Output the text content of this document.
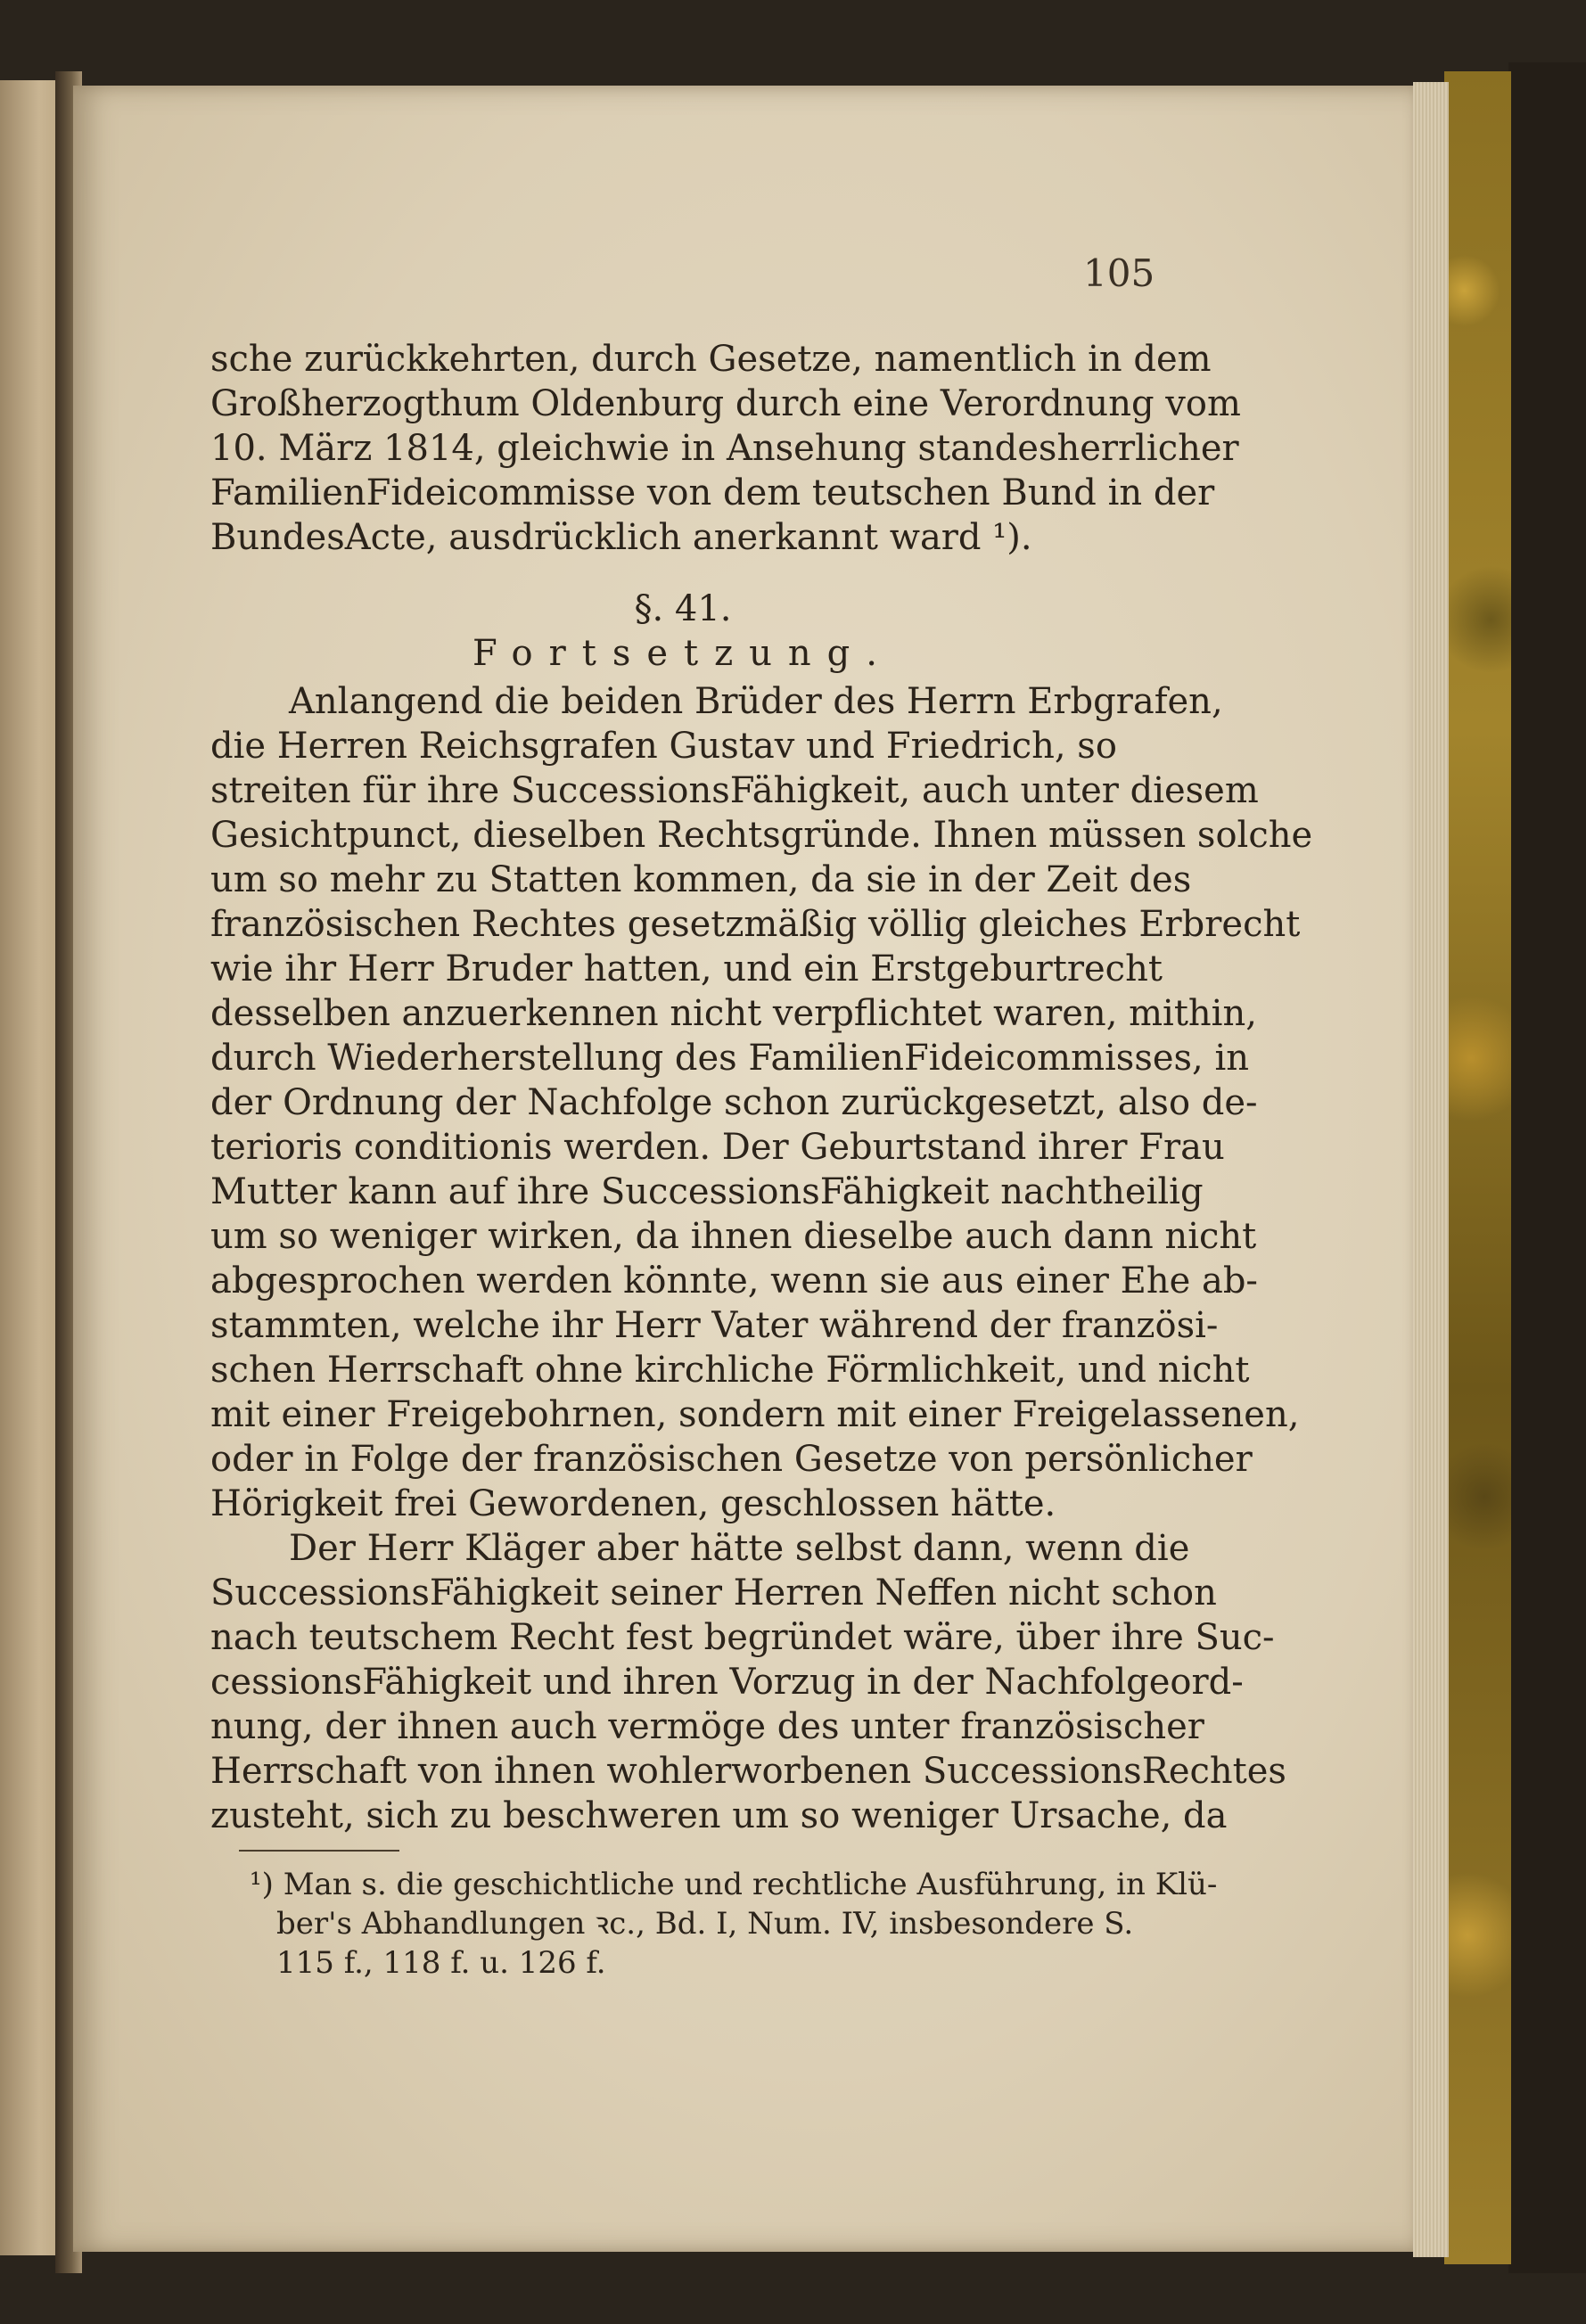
105
sche zurückkehrten, durch Gesetze, namentlich in dem
Großherzogthum Oldenburg durch eine Verordnung vom
10. März 1814, gleichwie in Ansehung standesherrlicher
FamilienFideicommisse von dem teutschen Bund in der
BundesActe, ausdrücklich anerkannt ward ¹).
§. 41.
Fortsetzung.
Anlangend die beiden Brüder des Herrn Erbgrafen,
die Herren Reichsgrafen Gustav und Friedrich, so
streiten für ihre SuccessionsFähigkeit, auch unter diesem
Gesichtpunct, dieselben Rechtsgründe. Ihnen müssen solche
um so mehr zu Statten kommen, da sie in der Zeit des
französischen Rechtes gesetzmäßig völlig gleiches Erbrecht
wie ihr Herr Bruder hatten, und ein Erstgeburtrecht
desselben anzuerkennen nicht verpflichtet waren, mithin,
durch Wiederherstellung des FamilienFideicommisses, in
der Ordnung der Nachfolge schon zurückgesetzt, also de-
terioris conditionis werden. Der Geburtstand ihrer Frau
Mutter kann auf ihre SuccessionsFähigkeit nachtheilig
um so weniger wirken, da ihnen dieselbe auch dann nicht
abgesprochen werden könnte, wenn sie aus einer Ehe ab-
stammten, welche ihr Herr Vater während der französi-
schen Herrschaft ohne kirchliche Förmlichkeit, und nicht
mit einer Freigebohrnen, sondern mit einer Freigelassenen,
oder in Folge der französischen Gesetze von persönlicher
Hörigkeit frei Gewordenen, geschlossen hätte.
Der Herr Kläger aber hätte selbst dann, wenn die
SuccessionsFähigkeit seiner Herren Neffen nicht schon
nach teutschem Recht fest begründet wäre, über ihre Suc-
cessionsFähigkeit und ihren Vorzug in der Nachfolgeord-
nung, der ihnen auch vermöge des unter französischer
Herrschaft von ihnen wohlerworbenen SuccessionsRechtes
zusteht, sich zu beschweren um so weniger Ursache, da
¹) Man s. die geschichtliche und rechtliche Ausführung, in Klü-
ber's Abhandlungen ꝛc., Bd. I, Num. IV, insbesondere S.
115 f., 118 f. u. 126 f.
